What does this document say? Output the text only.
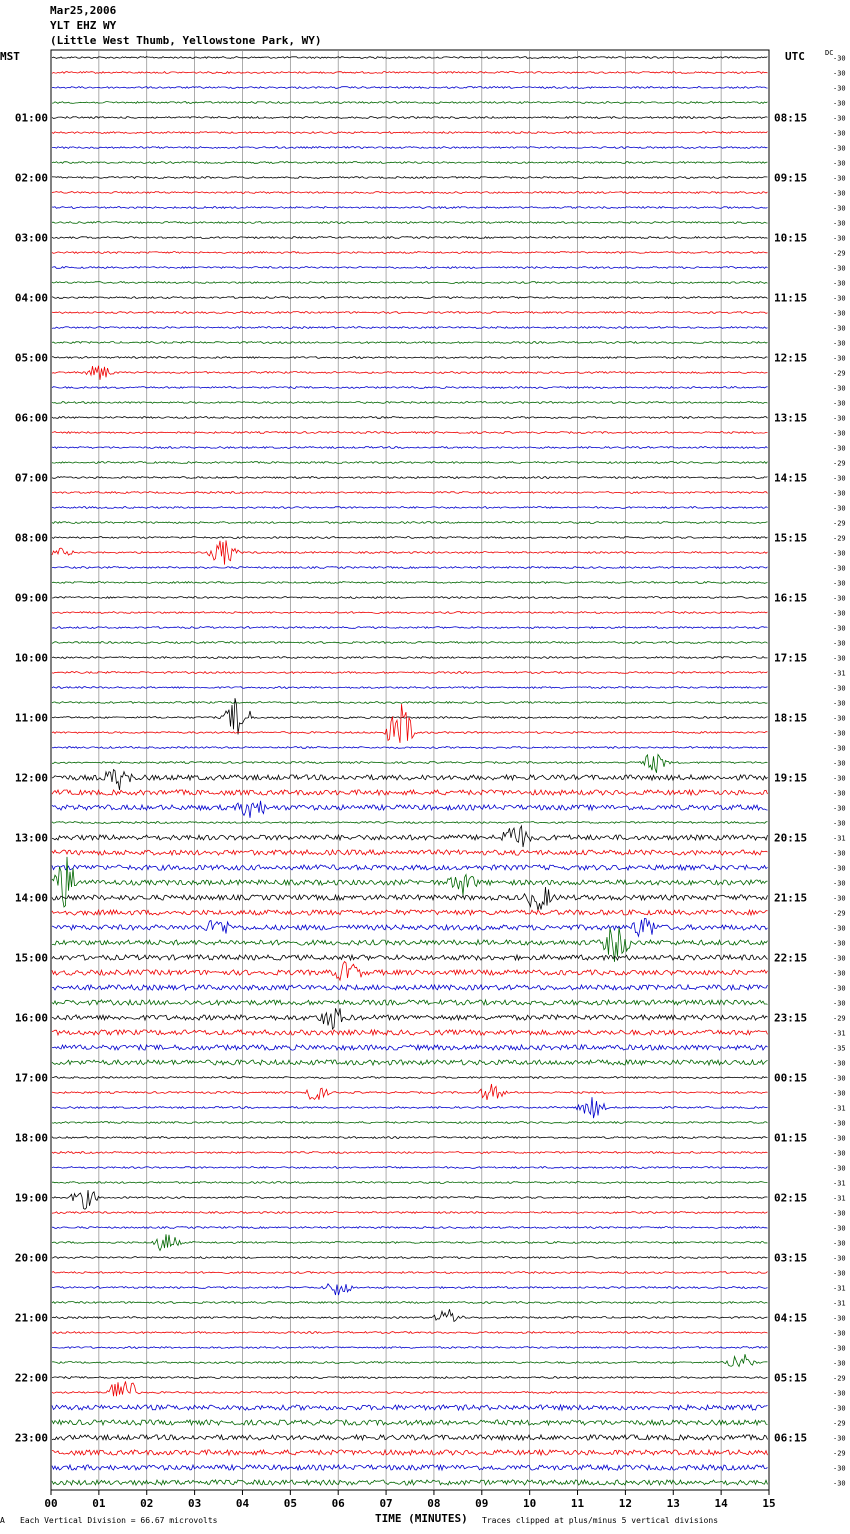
Mar25,2006
YLT EHZ WY
(Little West Thumb, Yellowstone Park, WY)
MST	UTC	DC
00	01	02	03	04	05	06	07	08	09	10	11	12	13	14	15
-30
-30
-30
-30
-30
-30
-30
-30
-30
-30
-30
-30
-30
-29
-30
-30
-30
-30
-30
-30
-30
-29
-30
-30
-30
-30
-30
-29
-30
-30
-30
-29
-29
-30
-30
-30
-30
-30
-30
-30
-30
-31
-30
-30
-30
-30
-30
-30
-30
-30
-30
-30
-31
-30
-30
-30
-30
-29
-30
-30
-30
-30
-30
-30
-29
-31
-35
-30
-30
-30
-31
-30
-30
-30
-30
-31
-31
-30
-30
-30
-30
-30
-31
-31
-30
-30
-30
-30
-29
-30
-30
-29
-30
-29
-30
-30
01:00
02:00
03:00
04:00
05:00
06:00
07:00
08:00
09:00
10:00
11:00
12:00
13:00
14:00
15:00
16:00
17:00
18:00
19:00
20:00
21:00
22:00
23:00
08:15
09:15
10:15
11:15
12:15
13:15
14:15
15:15
16:15
17:15
18:15
19:15
20:15
21:15
22:15
23:15
00:15
01:15
02:15
03:15
04:15
05:15
06:15
TIME (MINUTES)
A Each Vertical Division = 66.67 microvolts	Traces clipped at plus/minus 5 vertical divisions
